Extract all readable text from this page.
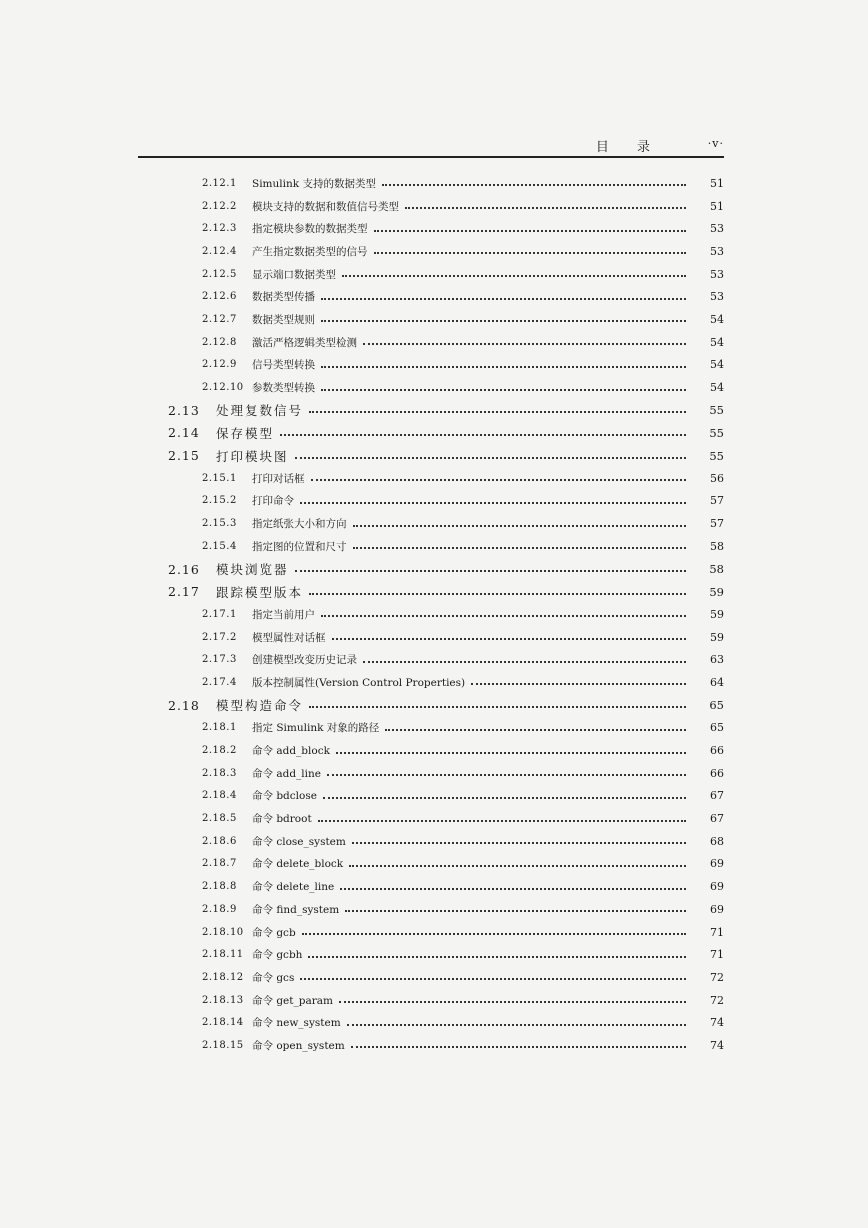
目 录	·v·
2.12.1	Simulink 支持的数据类型	51
2.12.2	模块支持的数据和数值信号类型	51
2.12.3	指定模块参数的数据类型	53
2.12.4	产生指定数据类型的信号	53
2.12.5	显示端口数据类型	53
2.12.6	数据类型传播	53
2.12.7	数据类型规则	54
2.12.8	激活严格逻辑类型检测	54
2.12.9	信号类型转换	54
2.12.10 参数类型转换	54
2.13	处理复数信号	55
2.14	保存模型	55
2.15	打印模块图	55
2.15.1	打印对话框	56
2.15.2	打印命令	57
2.15.3	指定纸张大小和方向	57
2.15.4	指定图的位置和尺寸	58
2.16	模块浏览器	58
2.17	跟踪模型版本	59
2.17.1	指定当前用户	59
2.17.2	模型属性对话框	59
2.17.3	创建模型改变历史记录	63
2.17.4	版本控制属性(Version Control Properties)	64
2.18	模型构造命令	65
2.18.1	指定 Simulink 对象的路径	65
2.18.2	命令 add_block	66
2.18.3	命令 add_line	66
2.18.4	命令 bdclose	67
2.18.5	命令 bdroot	67
2.18.6	命令 close_system	68
2.18.7	命令 delete_block	69
2.18.8	命令 delete_line	69
2.18.9	命令 find_system	69
2.18.10 命令 gcb	71
2.18.11 命令 gcbh	71
2.18.12 命令 gcs	72
2.18.13 命令 get_param	72
2.18.14 命令 new_system	74
2.18.15 命令 open_system	74
